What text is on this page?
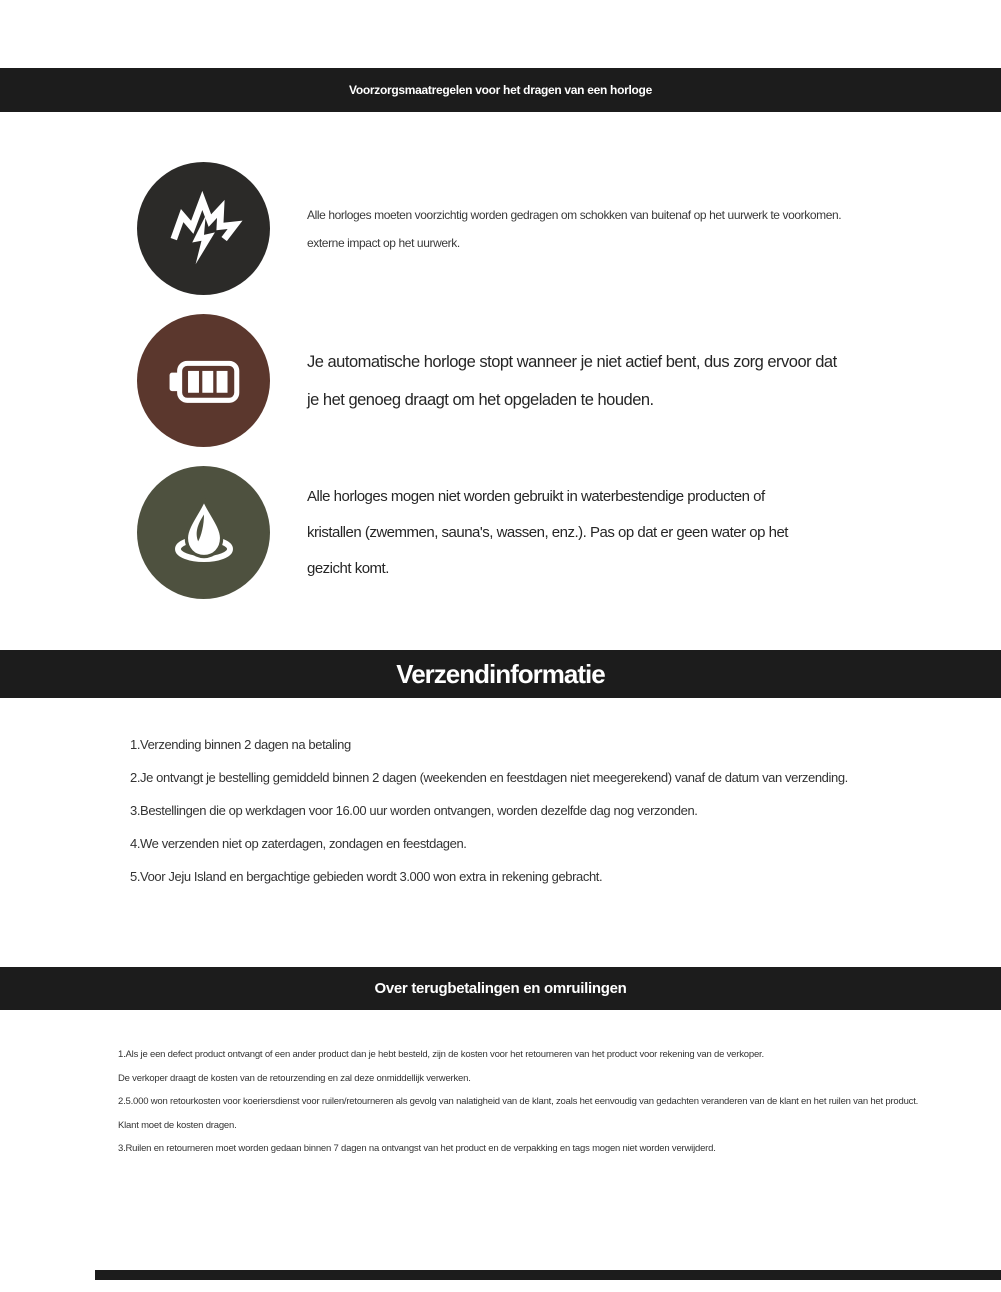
Voorzorgsmaatregelen voor het dragen van een horloge

Alle horloges moeten voorzichtig worden gedragen om schokken van buitenaf op het uurwerk te voorkomen.

externe impact op het uurwerk.

Je automatische horloge stopt wanneer je niet actief bent, dus zorg ervoor dat

je het genoeg draagt om het opgeladen te houden.

Alle horloges mogen niet worden gebruikt in waterbestendige producten of

kristallen (zwemmen, sauna's, wassen, enz.). Pas op dat er geen water op het

gezicht komt.

Verzendinformatie

1.Verzending binnen 2 dagen na betaling

2.Je ontvangt je bestelling gemiddeld binnen 2 dagen (weekenden en feestdagen niet meegerekend) vanaf de datum van verzending.

3.Bestellingen die op werkdagen voor 16.00 uur worden ontvangen, worden dezelfde dag nog verzonden.

4.We verzenden niet op zaterdagen, zondagen en feestdagen.

5.Voor Jeju Island en bergachtige gebieden wordt 3.000 won extra in rekening gebracht.

Over terugbetalingen en omruilingen

1.Als je een defect product ontvangt of een ander product dan je hebt besteld, zijn de kosten voor het retourneren van het product voor rekening van de verkoper.

De verkoper draagt de kosten van de retourzending en zal deze onmiddellijk verwerken.

2.5.000 won retourkosten voor koeriersdienst voor ruilen/retourneren als gevolg van nalatigheid van de klant, zoals het eenvoudig van gedachten veranderen van de klant en het ruilen van het product.

Klant moet de kosten dragen.

3.Ruilen en retourneren moet worden gedaan binnen 7 dagen na ontvangst van het product en de verpakking en tags mogen niet worden verwijderd.
